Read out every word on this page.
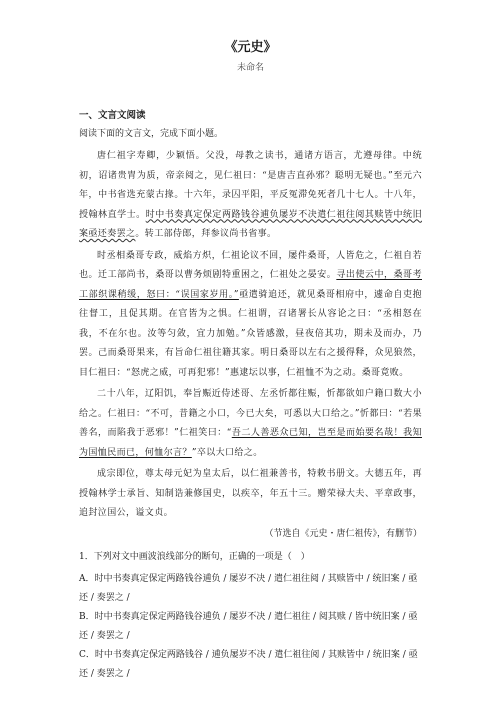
《元史》
未命名
一、文言文阅读
阅读下面的文言文，完成下面小题。

唐仁祖字寿卿，少颖悟。父没，母教之读书，通诸方语言，尤遵母律。中统初，诏诸贵胄为质，帝亲阅之，见仁祖曰：“是唐吉直孙邪？聪明无疑也。”至元六年，中书省选充蒙古掾。十六年，录囚平阳，平反冤滞免死者几十七人。十八年，授翰林直学士。时中书奏真定保定两路钱谷逋负屡岁不决遣仁祖往阅其赎皆中统旧案亟还奏罢之。转工部侍郎，拜参议尚书省事。

时丞相桑哥专政，威焰方炽，仁祖论议不回，屡件桑哥，人皆危之，仁祖自若也。迁工部尚书，桑哥以曹务烦剧特重困之，仁祖处之晏安。寻出使云中，桑哥考工部织课稍缓，怒曰：“误国家岁用。”亟遣骑追还，就见桑哥相府中，遽命自吏抱往督工，且促其期。在官皆为之惧。仁祖谓，召诸署长从容论之曰：“丞相怒在我，不在尔也。汝等匀敛，宜力加勉。”众皆感激，昼夜倍其功，期未及而办，乃罢。己而桑哥果来，有旨命仁祖往籍其家。明日桑哥以左右之援得释，众见狼然，目仁祖曰：“怒虎之威，可再犯邪！”惠逮坛以事，仁祖恤不为之动。桑哥竟败。

二十八年，辽阳饥，奉旨赈近侍述哥、左丞忻都往赈，忻都欲如户籍口数大小给之。仁祖曰：“不可，昔籍之小口，今已大矣，可悉以大口给之。”忻都曰：“若果善名，而陷我于恶邪！”仁祖笑曰：“吾二人善恶众已知，岂至是而始要名哉！我知为国恤民而已，何恤尔言？”卒以大口给之。

成宗即位，尊太母元妃为皇太后，以仁祖兼善书，特敕书册文。大德五年，再授翰林学士承旨、知制诰兼修国史，以疾卒，年五十三。赠荣禄大夫、平章政事，追封泣国公，谥文贞。

（节选自《元史・唐仁祖传》，有删节）
1．下列对文中画波浪线部分的断句，正确的一项是（　）

A．时中书奏真定保定两路钱谷逋负 / 屡岁不决 / 遣仁祖往阅 / 其赎皆中 / 统旧案 / 亟还 / 奏罢之 /

B．时中书奏真定保定两路钱谷逋负 / 屡岁不决 / 遣仁祖往 / 阅其赎 / 皆中统旧案 / 亟还 / 奏罢之 /

C．时中书奏真定保定两路钱谷 / 逋负屡岁不决 / 遣仁祖往阅 / 其赎皆中 / 统旧案 / 亟还 / 奏罢之 /
